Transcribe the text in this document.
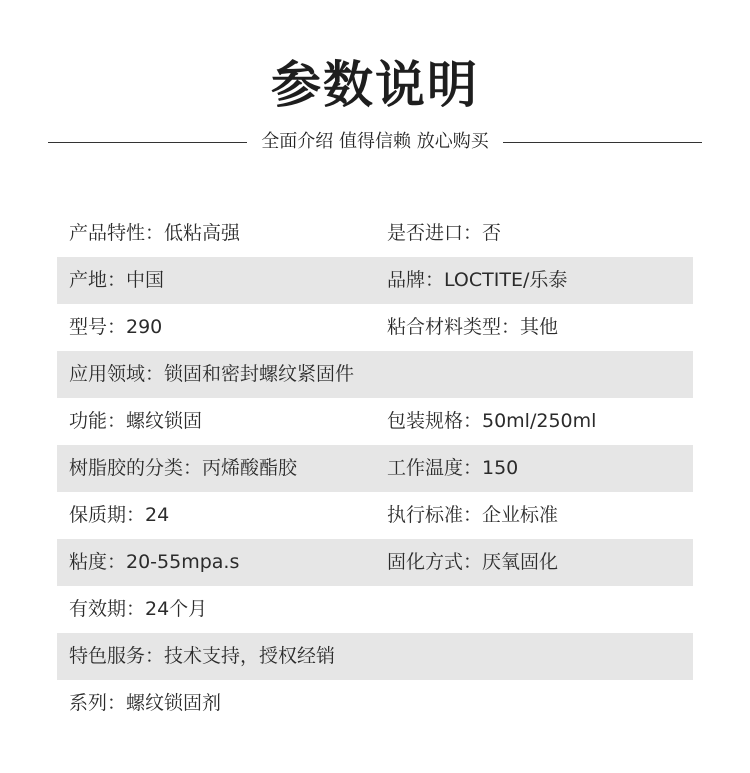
参数说明
全面介绍 值得信赖 放心购买
产品特性：低粘高强	是否进口：否
产地：中国	品牌：LOCTITE/乐泰
型号：290	粘合材料类型：其他
应用领域：锁固和密封螺纹紧固件
功能：螺纹锁固	包装规格：50ml/250ml
树脂胶的分类：丙烯酸酯胶	工作温度：150
保质期：24	执行标准：企业标准
粘度：20-55mpa.s	固化方式：厌氧固化
有效期：24个月
特色服务：技术支持，授权经销
系列：螺纹锁固剂
